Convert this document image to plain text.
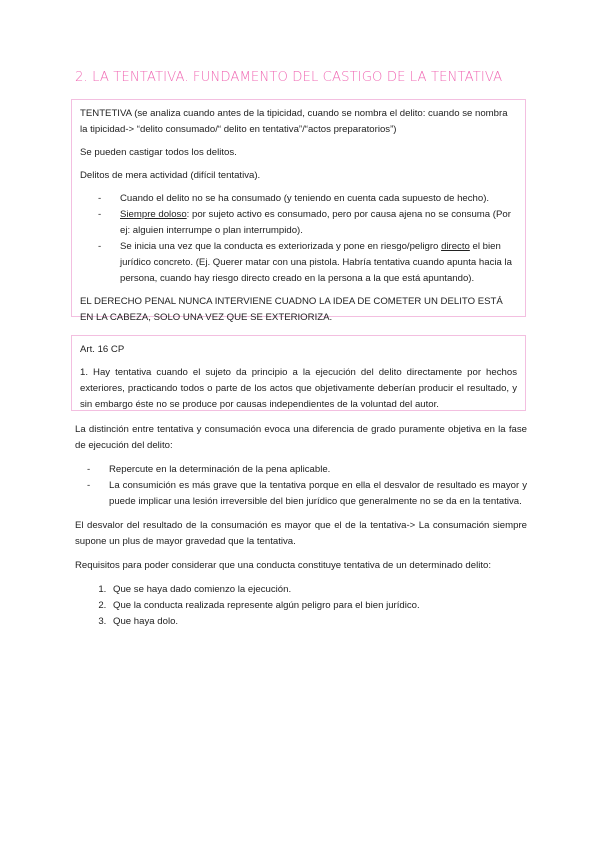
2. LA TENTATIVA. FUNDAMENTO DEL CASTIGO DE LA TENTATIVA

TENTETIVA (se analiza cuando antes de la tipicidad, cuando se nombra el delito: cuando se nombra la tipicidad-> “delito consumado/“ delito en tentativa”/“actos preparatorios”)

Se pueden castigar todos los delitos.

Delitos de mera actividad (difícil tentativa).

- Cuando el delito no se ha consumado (y teniendo en cuenta cada supuesto de hecho).
- Siempre doloso: por sujeto activo es consumado, pero por causa ajena no se consuma (Por ej: alguien interrumpe o plan interrumpido).
- Se inicia una vez que la conducta es exteriorizada y pone en riesgo/peligro directo el bien jurídico concreto. (Ej. Querer matar con una pistola. Habría tentativa cuando apunta hacia la persona, cuando hay riesgo directo creado en la persona a la que está apuntando).

EL DERECHO PENAL NUNCA INTERVIENE CUADNO LA IDEA DE COMETER UN DELITO ESTÁ EN LA CABEZA, SOLO UNA VEZ QUE SE EXTERIORIZA.

Art. 16 CP

1. Hay tentativa cuando el sujeto da principio a la ejecución del delito directamente por hechos exteriores, practicando todos o parte de los actos que objetivamente deberían producir el resultado, y sin embargo éste no se produce por causas independientes de la voluntad del autor.

La distinción entre tentativa y consumación evoca una diferencia de grado puramente objetiva en la fase de ejecución del delito:

- Repercute en la determinación de la pena aplicable.
- La consumición es más grave que la tentativa porque en ella el desvalor de resultado es mayor y puede implicar una lesión irreversible del bien jurídico que generalmente no se da en la tentativa.

El desvalor del resultado de la consumación es mayor que el de la tentativa-> La consumación siempre supone un plus de mayor gravedad que la tentativa.

Requisitos para poder considerar que una conducta constituye tentativa de un determinado delito:

1. Que se haya dado comienzo la ejecución.
2. Que la conducta realizada represente algún peligro para el bien jurídico.
3. Que haya dolo.
